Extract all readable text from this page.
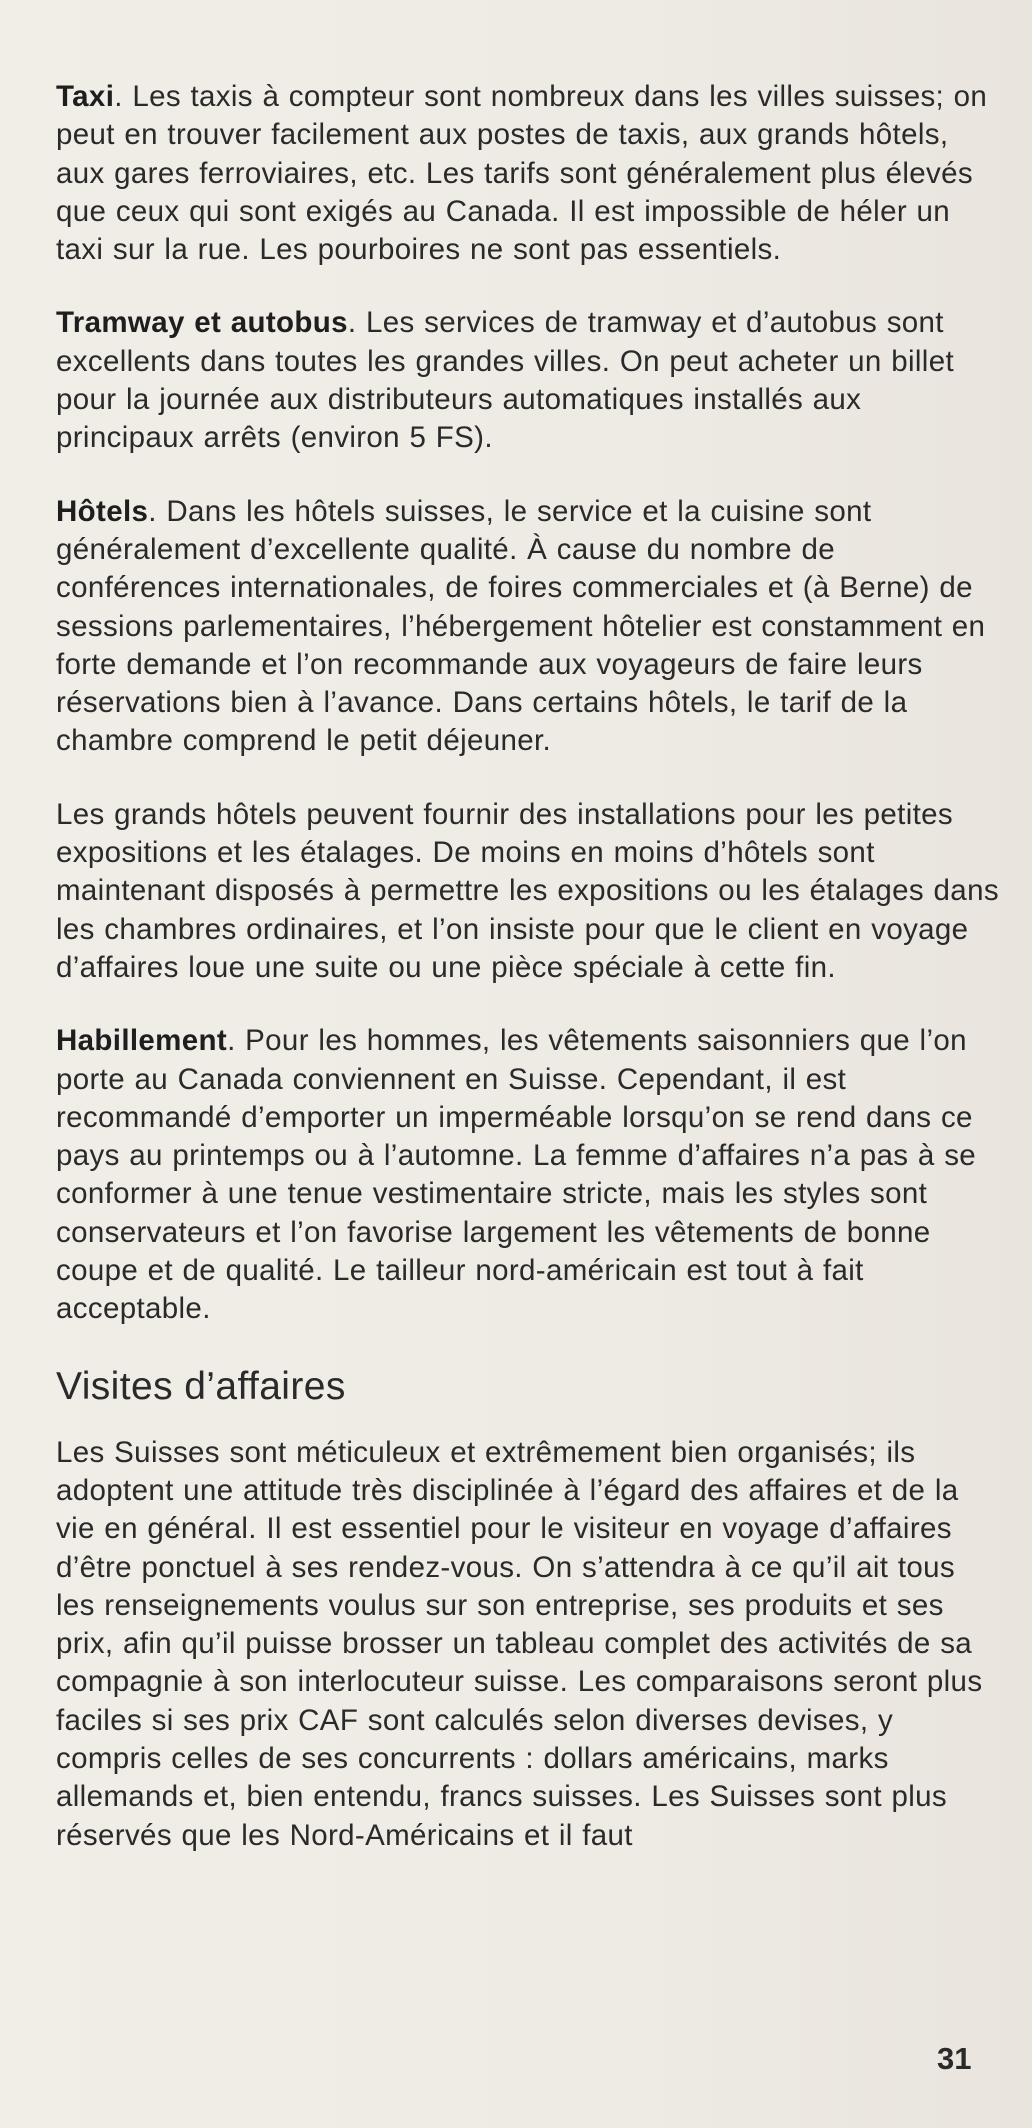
Taxi. Les taxis à compteur sont nombreux dans les villes suisses; on peut en trouver facilement aux postes de taxis, aux grands hôtels, aux gares ferroviaires, etc. Les tarifs sont généralement plus élevés que ceux qui sont exigés au Canada. Il est impossible de héler un taxi sur la rue. Les pourboires ne sont pas essentiels.

Tramway et autobus. Les services de tramway et d’autobus sont excellents dans toutes les grandes villes. On peut acheter un billet pour la journée aux distributeurs automatiques installés aux principaux arrêts (environ 5 FS).

Hôtels. Dans les hôtels suisses, le service et la cuisine sont généralement d’excellente qualité. À cause du nombre de conférences internationales, de foires commerciales et (à Berne) de sessions parlementaires, l’hébergement hôtelier est constamment en forte demande et l’on recommande aux voyageurs de faire leurs réservations bien à l’avance. Dans certains hôtels, le tarif de la chambre comprend le petit déjeuner.

Les grands hôtels peuvent fournir des installations pour les petites expositions et les étalages. De moins en moins d’hôtels sont maintenant disposés à permettre les expositions ou les étalages dans les chambres ordinaires, et l’on insiste pour que le client en voyage d’affaires loue une suite ou une pièce spéciale à cette fin.

Habillement. Pour les hommes, les vêtements saisonniers que l’on porte au Canada conviennent en Suisse. Cependant, il est recommandé d’emporter un imperméable lorsqu’on se rend dans ce pays au printemps ou à l’automne. La femme d’affaires n’a pas à se conformer à une tenue vestimentaire stricte, mais les styles sont conservateurs et l’on favorise largement les vêtements de bonne coupe et de qualité. Le tailleur nord-américain est tout à fait acceptable.

Visites d’affaires

Les Suisses sont méticuleux et extrêmement bien organisés; ils adoptent une attitude très disciplinée à l’égard des affaires et de la vie en général. Il est essentiel pour le visiteur en voyage d’affaires d’être ponctuel à ses rendez-vous. On s’attendra à ce qu’il ait tous les renseignements voulus sur son entreprise, ses produits et ses prix, afin qu’il puisse brosser un tableau complet des activités de sa compagnie à son interlocuteur suisse. Les comparaisons seront plus faciles si ses prix CAF sont calculés selon diverses devises, y compris celles de ses concurrents : dollars américains, marks allemands et, bien entendu, francs suisses. Les Suisses sont plus réservés que les Nord-Américains et il faut

31
